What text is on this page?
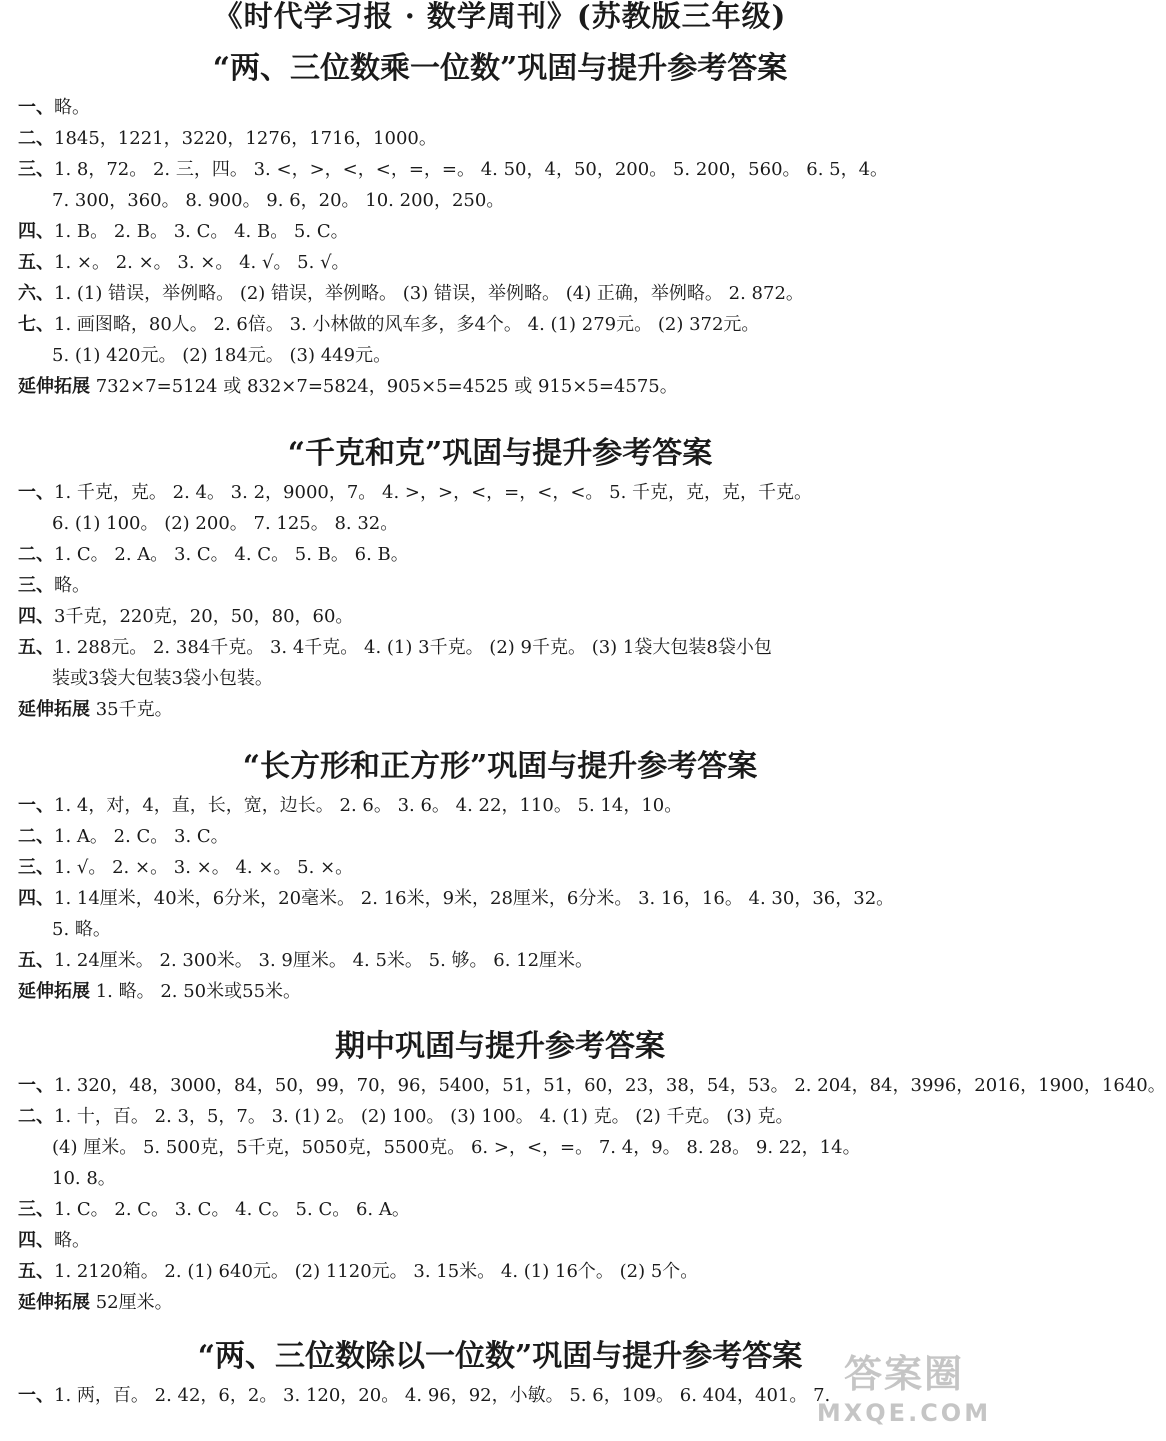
《时代学习报 · 数学周刊》(苏教版三年级)
“两、三位数乘一位数”巩固与提升参考答案
一、略。
二、1845，1221，3220，1276，1716，1000。
三、1. 8，72。 2. 三，四。 3. <，>，<，<，=，=。 4. 50，4，50，200。 5. 200，560。 6. 5，4。
7. 300，360。 8. 900。 9. 6，20。 10. 200，250。
四、1. B。 2. B。 3. C。 4. B。 5. C。
五、1. ×。 2. ×。 3. ×。 4. √。 5. √。
六、1. (1) 错误，举例略。 (2) 错误，举例略。 (3) 错误，举例略。 (4) 正确，举例略。 2. 872。
七、1. 画图略，80人。 2. 6倍。 3. 小林做的风车多，多4个。 4. (1) 279元。 (2) 372元。
5. (1) 420元。 (2) 184元。 (3) 449元。
延伸拓展 732×7=5124 或 832×7=5824，905×5=4525 或 915×5=4575。
“千克和克”巩固与提升参考答案
一、1. 千克，克。 2. 4。 3. 2，9000，7。 4. >，>，<，=，<，<。 5. 千克，克，克，千克。
6. (1) 100。 (2) 200。 7. 125。 8. 32。
二、1. C。 2. A。 3. C。 4. C。 5. B。 6. B。
三、略。
四、3千克，220克，20，50，80，60。
五、1. 288元。 2. 384千克。 3. 4千克。 4. (1) 3千克。 (2) 9千克。 (3) 1袋大包装8袋小包
装或3袋大包装3袋小包装。
延伸拓展 35千克。
“长方形和正方形”巩固与提升参考答案
一、1. 4，对，4，直，长，宽，边长。 2. 6。 3. 6。 4. 22，110。 5. 14，10。
二、1. A。 2. C。 3. C。
三、1. √。 2. ×。 3. ×。 4. ×。 5. ×。
四、1. 14厘米，40米，6分米，20毫米。 2. 16米，9米，28厘米，6分米。 3. 16，16。 4. 30，36，32。
5. 略。
五、1. 24厘米。 2. 300米。 3. 9厘米。 4. 5米。 5. 够。 6. 12厘米。
延伸拓展 1. 略。 2. 50米或55米。
期中巩固与提升参考答案
一、1. 320，48，3000，84，50，99，70，96，5400，51，51，60，23，38，54，53。 2. 204，84，3996，2016，1900，1640。
二、1. 十，百。 2. 3，5，7。 3. (1) 2。 (2) 100。 (3) 100。 4. (1) 克。 (2) 千克。 (3) 克。
(4) 厘米。 5. 500克，5千克，5050克，5500克。 6. >，<，=。 7. 4，9。 8. 28。 9. 22，14。
10. 8。
三、1. C。 2. C。 3. C。 4. C。 5. C。 6. A。
四、略。
五、1. 2120箱。 2. (1) 640元。 (2) 1120元。 3. 15米。 4. (1) 16个。 (2) 5个。
延伸拓展 52厘米。
“两、三位数除以一位数”巩固与提升参考答案
一、1. 两，百。 2. 42，6，2。 3. 120，20。 4. 96，92，小敏。 5. 6，109。 6. 404，401。 7. 答案圈
MXQE.COM
